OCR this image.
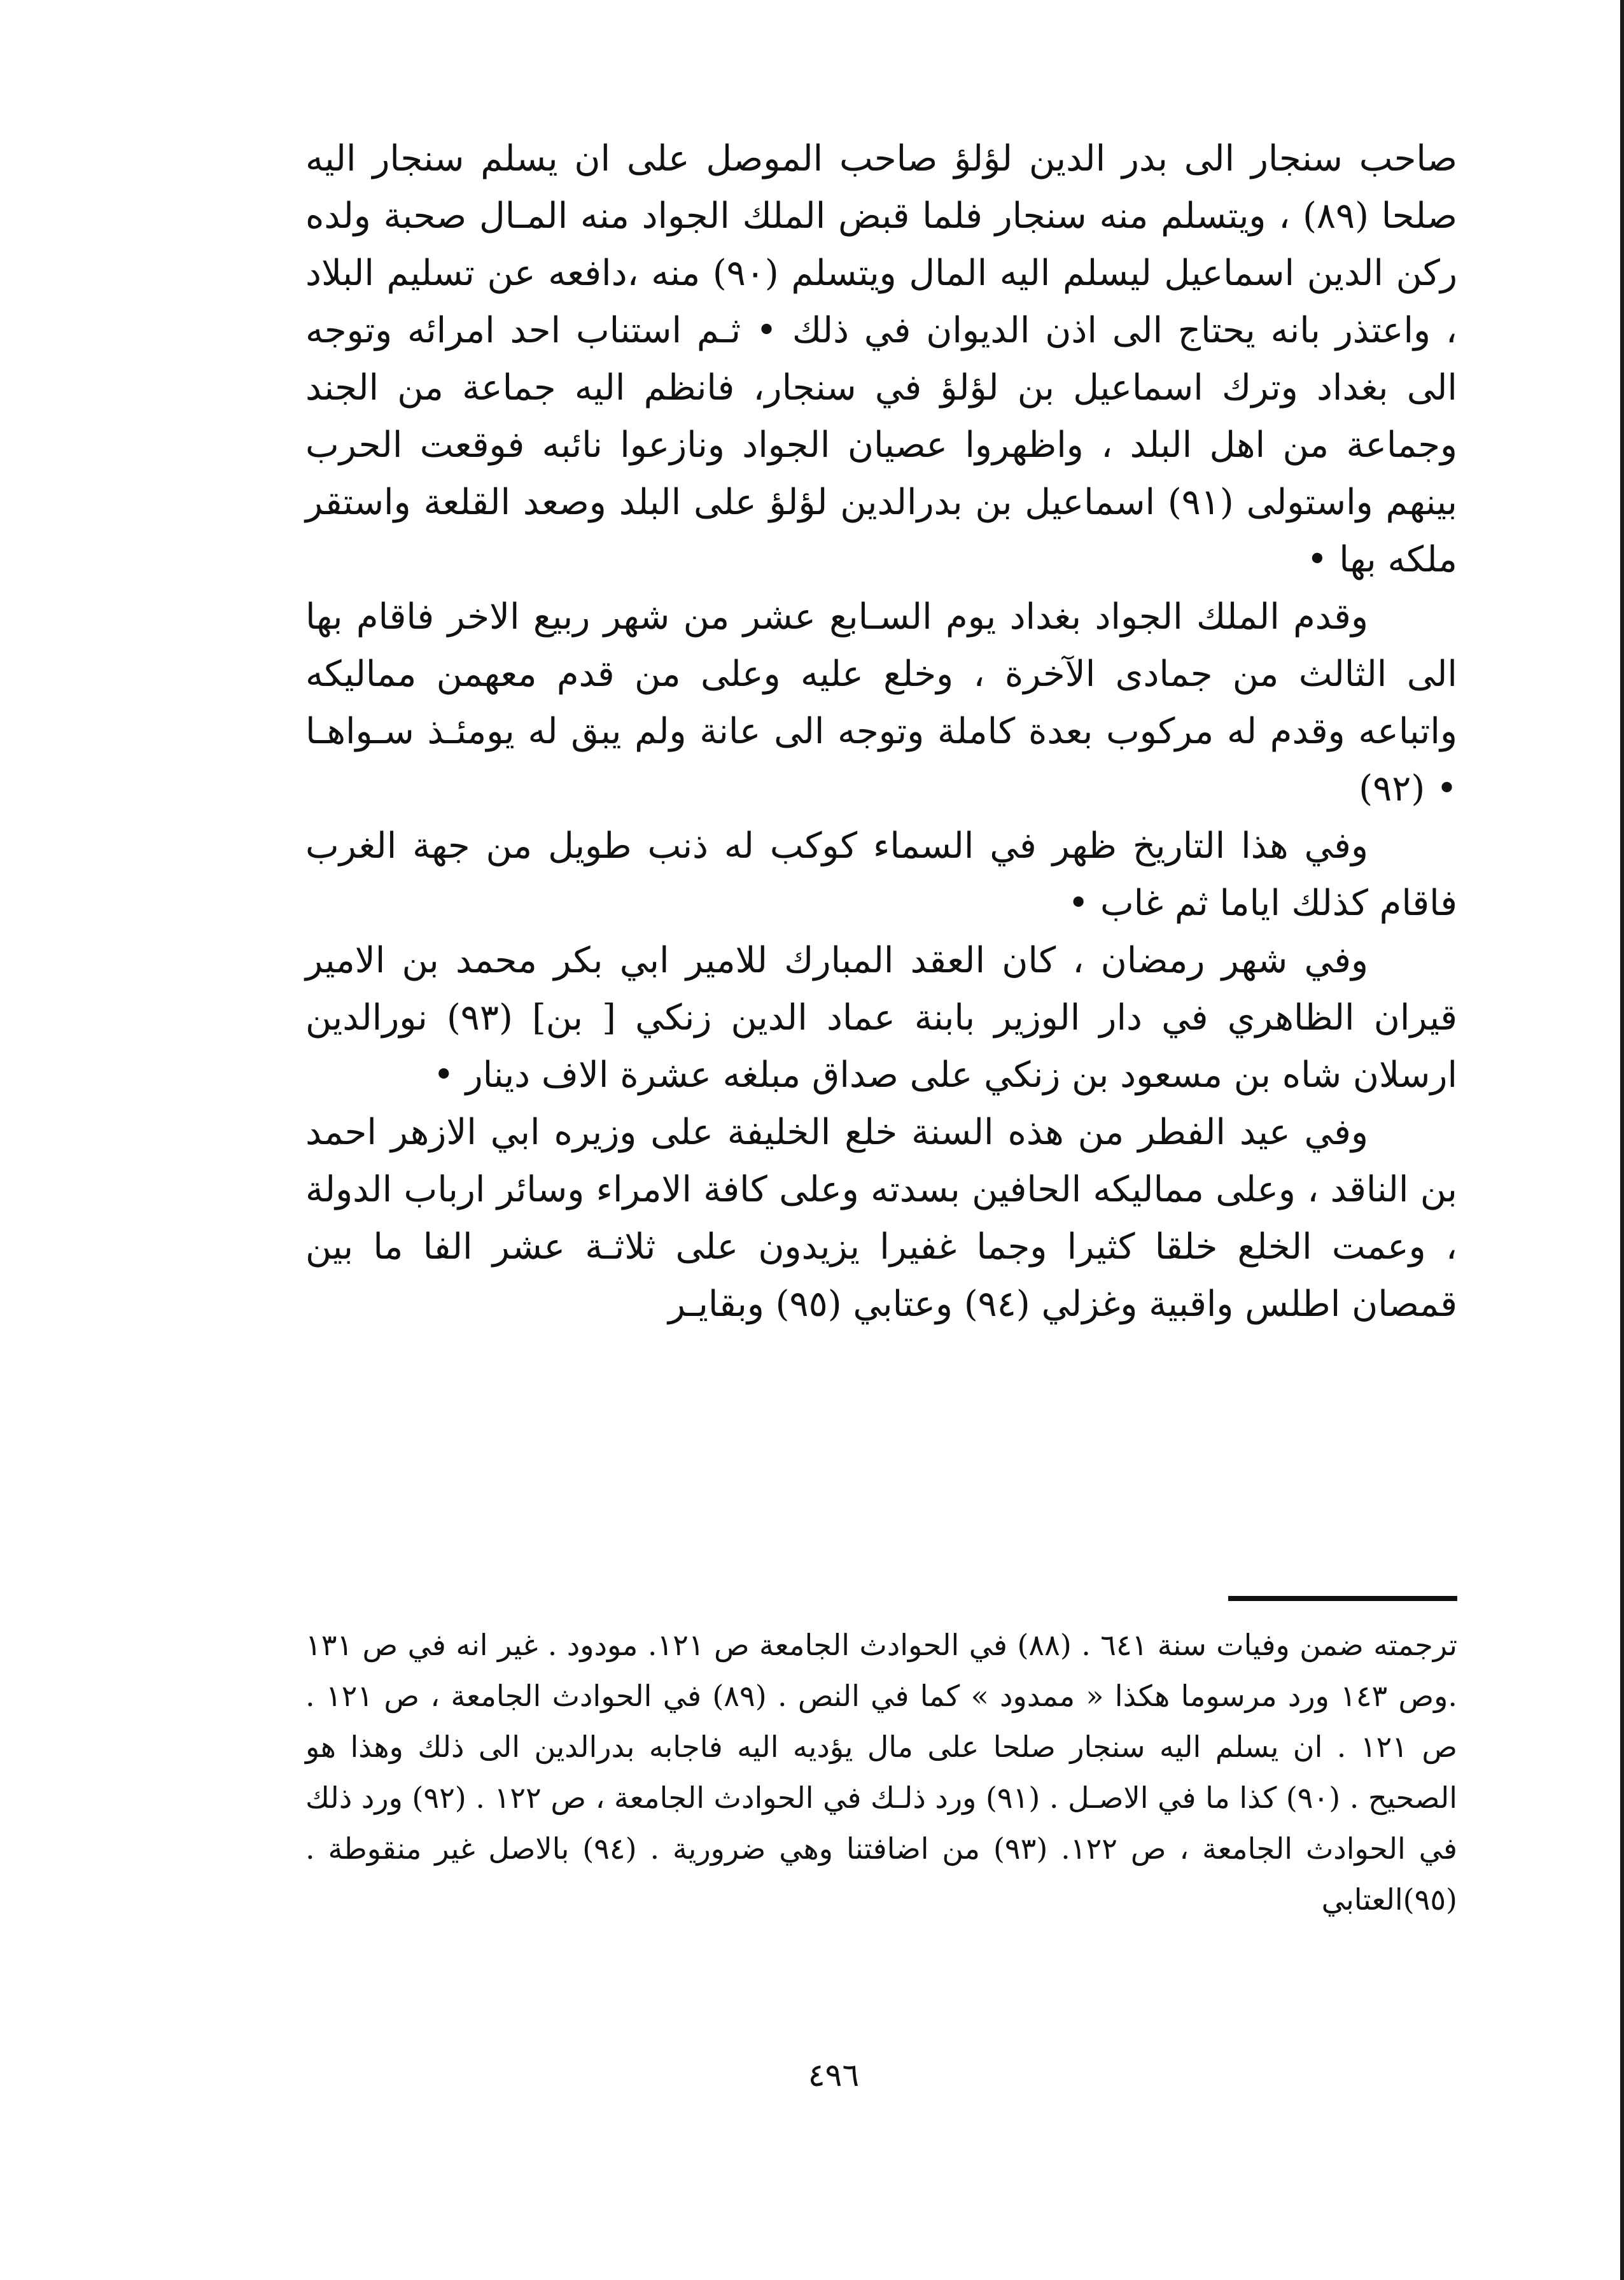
صاحب سنجار الى بدر الدين لؤلؤ صاحب الموصل على ان يسلم سنجار اليه صلحا (٨٩) ، ويتسلم منه سنجار فلما قبض الملك الجواد منه المـال صحبة ولده ركن الدين اسماعيل ليسلم اليه المال ويتسلم (٩٠) منه ،دافعه عن تسليم البلاد ، واعتذر بانه يحتاج الى اذن الديوان في ذلك • ثـم استناب احد امرائه وتوجه الى بغداد وترك اسماعيل بن لؤلؤ في سنجار، فانظم اليه جماعة من الجند وجماعة من اهل البلد ، واظهروا عصيان الجواد ونازعوا نائبه فوقعت الحرب بينهم واستولى (٩١) اسماعيل بن بدرالدين لؤلؤ على البلد وصعد القلعة واستقر ملكه بها •

وقدم الملك الجواد بغداد يوم السـابع عشر من شهر ربيع الاخر فاقام بها الى الثالث من جمادى الآخرة ، وخلع عليه وعلى من قدم معهمن مماليكه واتباعه وقدم له مركوب بعدة كاملة وتوجه الى عانة ولم يبق له يومئـذ سـواهـا • (٩٢)

وفي هذا التاريخ ظهر في السماء كوكب له ذنب طويل من جهة الغرب فاقام كذلك اياما ثم غاب •

وفي شهر رمضان ، كان العقد المبارك للامير ابي بكر محمد بن الامير قيران الظاهري في دار الوزير بابنة عماد الدين زنكي [ بن] (٩٣) نورالدين ارسلان شاه بن مسعود بن زنكي على صداق مبلغه عشرة الاف دينار •

وفي عيد الفطر من هذه السنة خلع الخليفة على وزيره ابي الازهر احمد بن الناقد ، وعلى مماليكه الحافين بسدته وعلى كافة الامراء وسائر ارباب الدولة ، وعمت الخلع خلقا كثيرا وجما غفيرا يزيدون على ثلاثـة عشر الفا ما بين قمصان اطلس واقبية وغزلي (٩٤) وعتابي (٩٥) وبقايـر

ترجمته ضمن وفيات سنة ٦٤١ . (٨٨) في الحوادث الجامعة ص ١٢١. مودود . غير انه في ص ١٣١ .وص ١٤٣ ورد مرسوما هكذا « ممدود » كما في النص . (٨٩) في الحوادث الجامعة ، ص ١٢١ . ص ١٢١ . ان يسلم اليه سنجار صلحا على مال يؤديه اليه فاجابه بدرالدين الى ذلك وهذا هو الصحيح . (٩٠) كذا ما في الاصـل . (٩١) ورد ذلـك في الحوادث الجامعة ، ص ١٢٢ . (٩٢) ورد ذلك في الحوادث الجامعة ، ص ١٢٢. (٩٣) من اضافتنا وهي ضرورية . (٩٤) بالاصل غير منقوطة . (٩٥)العتابي

٤٩٦
